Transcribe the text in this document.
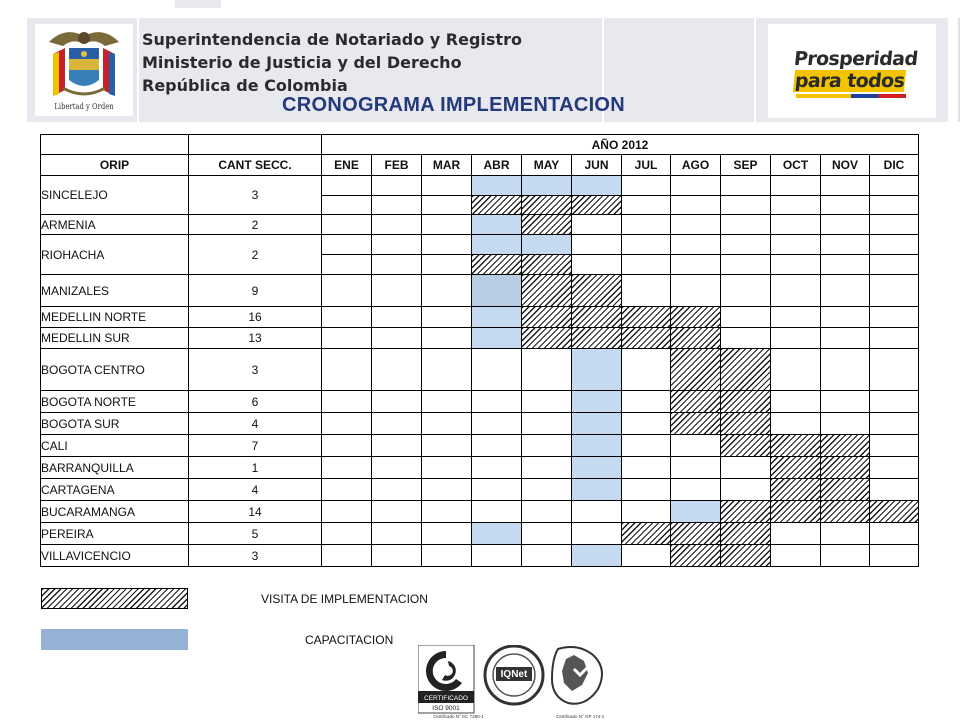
Libertad y Orden
Superintendencia de Notariado y Registro
Ministerio de Justicia y del Derecho
República de Colombia
CRONOGRAMA IMPLEMENTACION
Prosperidad
para todos
		AÑO 2012											
ORIP	CANT SECC.	ENE	FEB	MAR	ABR	MAY	JUN	JUL	AGO	SEP	OCT	NOV	DIC
SINCELEJO	3				

ARMENIA	2				

RIOHACHA	2				

MANIZALES	9				

MEDELLIN NORTE	16				

MEDELLIN SUR	13				

BOGOTA CENTRO	3						

BOGOTA NORTE	6						

BOGOTA SUR	4						

CALI	7						

BARRANQUILLA	1						

CARTAGENA	4						

BUCARAMANGA	14								

PEREIRA	5				

VILLAVICENCIO	3						

VISITA DE IMPLEMENTACION
CAPACITACION
CERTIFICADO
ISO 9001
IQNet
Certificado N° SC 7280-1	Certificado N° GP 174-1
